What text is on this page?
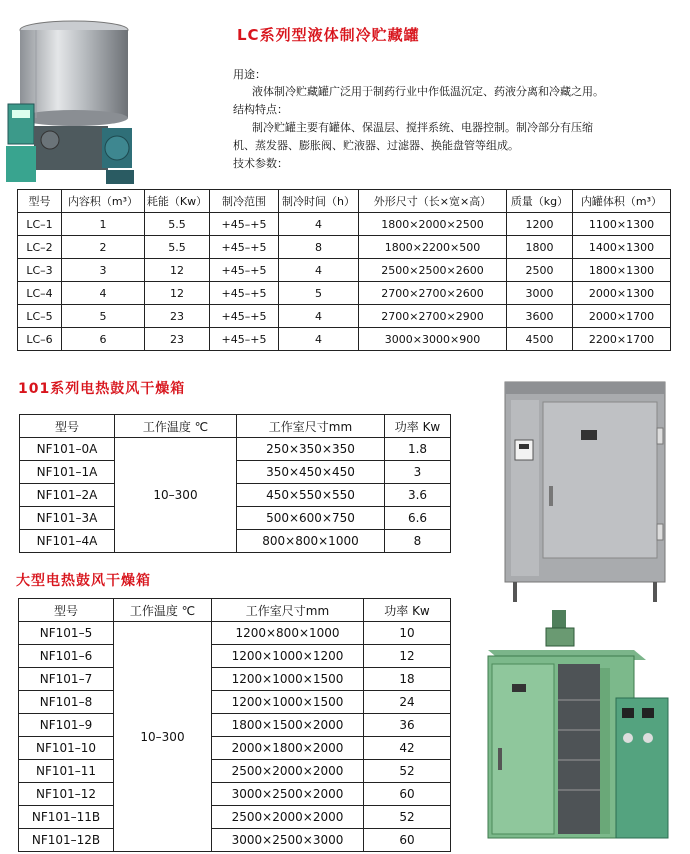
LC系列型液体制冷贮藏罐
用途：
液体制冷贮藏罐广泛用于制药行业中作低温沉定、药液分离和冷藏之用。
结构特点：
制冷贮罐主要有罐体、保温层、搅拌系统、电器控制。制冷部分有压缩
机、蒸发器、膨胀阀、贮液器、过滤器、换能盘管等组成。
技术参数：
型号	内容积（m³）	耗能（Kw）	制冷范围	制冷时间（h）	外形尺寸（长×宽×高）	质量（kg）	内罐体积（m³）
LC–1	1	5.5	+45–+5	4	1800×2000×2500	1200	1100×1300
LC–2	2	5.5	+45–+5	8	1800×2200×500	1800	1400×1300
LC–3	3	12	+45–+5	4	2500×2500×2600	2500	1800×1300
LC–4	4	12	+45–+5	5	2700×2700×2600	3000	2000×1300
LC–5	5	23	+45–+5	4	2700×2700×2900	3600	2000×1700
LC–6	6	23	+45–+5	4	3000×3000×900	4500	2200×1700
101系列电热鼓风干燥箱
型号	工作温度 ℃	工作室尺寸mm	功率 Kw
NF101–0A	10–300	250×350×350	1.8
NF101–1A		350×450×450	3
NF101–2A		450×550×550	3.6
NF101–3A		500×600×750	6.6
NF101–4A		800×800×1000	8
大型电热鼓风干燥箱
型号	工作温度 ℃	工作室尺寸mm	功率 Kw
NF101–5	10–300	1200×800×1000	10
NF101–6		1200×1000×1200	12
NF101–7		1200×1000×1500	18
NF101–8		1200×1000×1500	24
NF101–9		1800×1500×2000	36
NF101–10		2000×1800×2000	42
NF101–11		2500×2000×2000	52
NF101–12		3000×2500×2000	60
NF101–11B		2500×2000×2000	52
NF101–12B		3000×2500×3000	60
